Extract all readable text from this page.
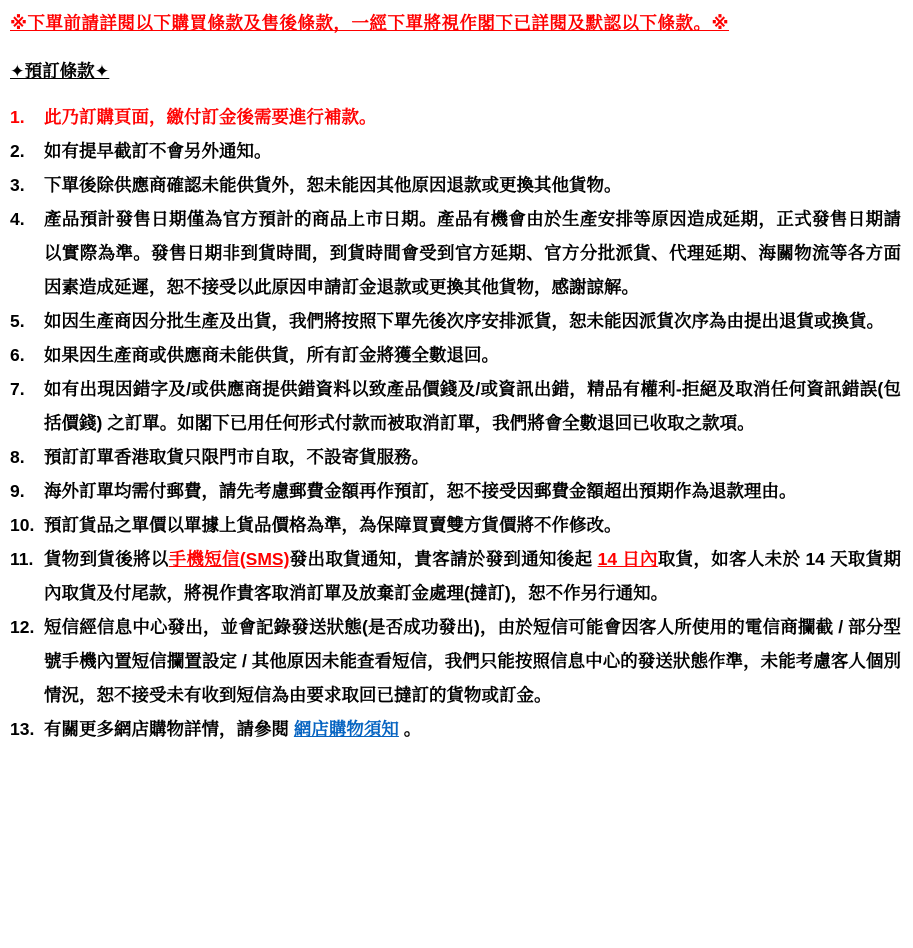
※下單前請詳閱以下購買條款及售後條款，一經下單將視作閣下已詳閱及默認以下條款。※
✦預訂條款✦
1.	此乃訂購頁面，繳付訂金後需要進行補款。
2.	如有提早截訂不會另外通知。
3.	下單後除供應商確認未能供貨外，恕未能因其他原因退款或更換其他貨物。
4.	產品預計發售日期僅為官方預計的商品上市日期。產品有機會由於生產安排等原因造成延期，正式發售日期請以實際為準。發售日期非到貨時間，到貨時間會受到官方延期、官方分批派貨、代理延期、海關物流等各方面因素造成延遲，恕不接受以此原因申請訂金退款或更換其他貨物，感謝諒解。
5.	如因生產商因分批生產及出貨，我們將按照下單先後次序安排派貨，恕未能因派貨次序為由提出退貨或換貨。
6.	如果因生產商或供應商未能供貨，所有訂金將獲全數退回。
7.	如有出現因錯字及/或供應商提供錯資料以致產品價錢及/或資訊出錯，精品有權利-拒絕及取消任何資訊錯誤(包括價錢) 之訂單。如閣下已用任何形式付款而被取消訂單，我們將會全數退回已收取之款項。
8.	預訂訂單香港取貨只限門市自取，不設寄貨服務。
9.	海外訂單均需付郵費，請先考慮郵費金額再作預訂，恕不接受因郵費金額超出預期作為退款理由。
10. 預訂貨品之單價以單據上貨品價格為準，為保障買賣雙方貨價將不作修改。
11. 貨物到貨後將以手機短信(SMS)發出取貨通知，貴客請於發到通知後起 14 日內取貨，如客人未於 14 天取貨期內取貨及付尾款，將視作貴客取消訂單及放棄訂金處理(撻訂)，恕不作另行通知。
12. 短信經信息中心發出，並會記錄發送狀態(是否成功發出)，由於短信可能會因客人所使用的電信商攔截 / 部分型號手機內置短信攔置設定 / 其他原因未能查看短信，我們只能按照信息中心的發送狀態作準，未能考慮客人個別情況，恕不接受未有收到短信為由要求取回已撻訂的貨物或訂金。
13. 有關更多網店購物詳情，請參閱 網店購物須知 。
